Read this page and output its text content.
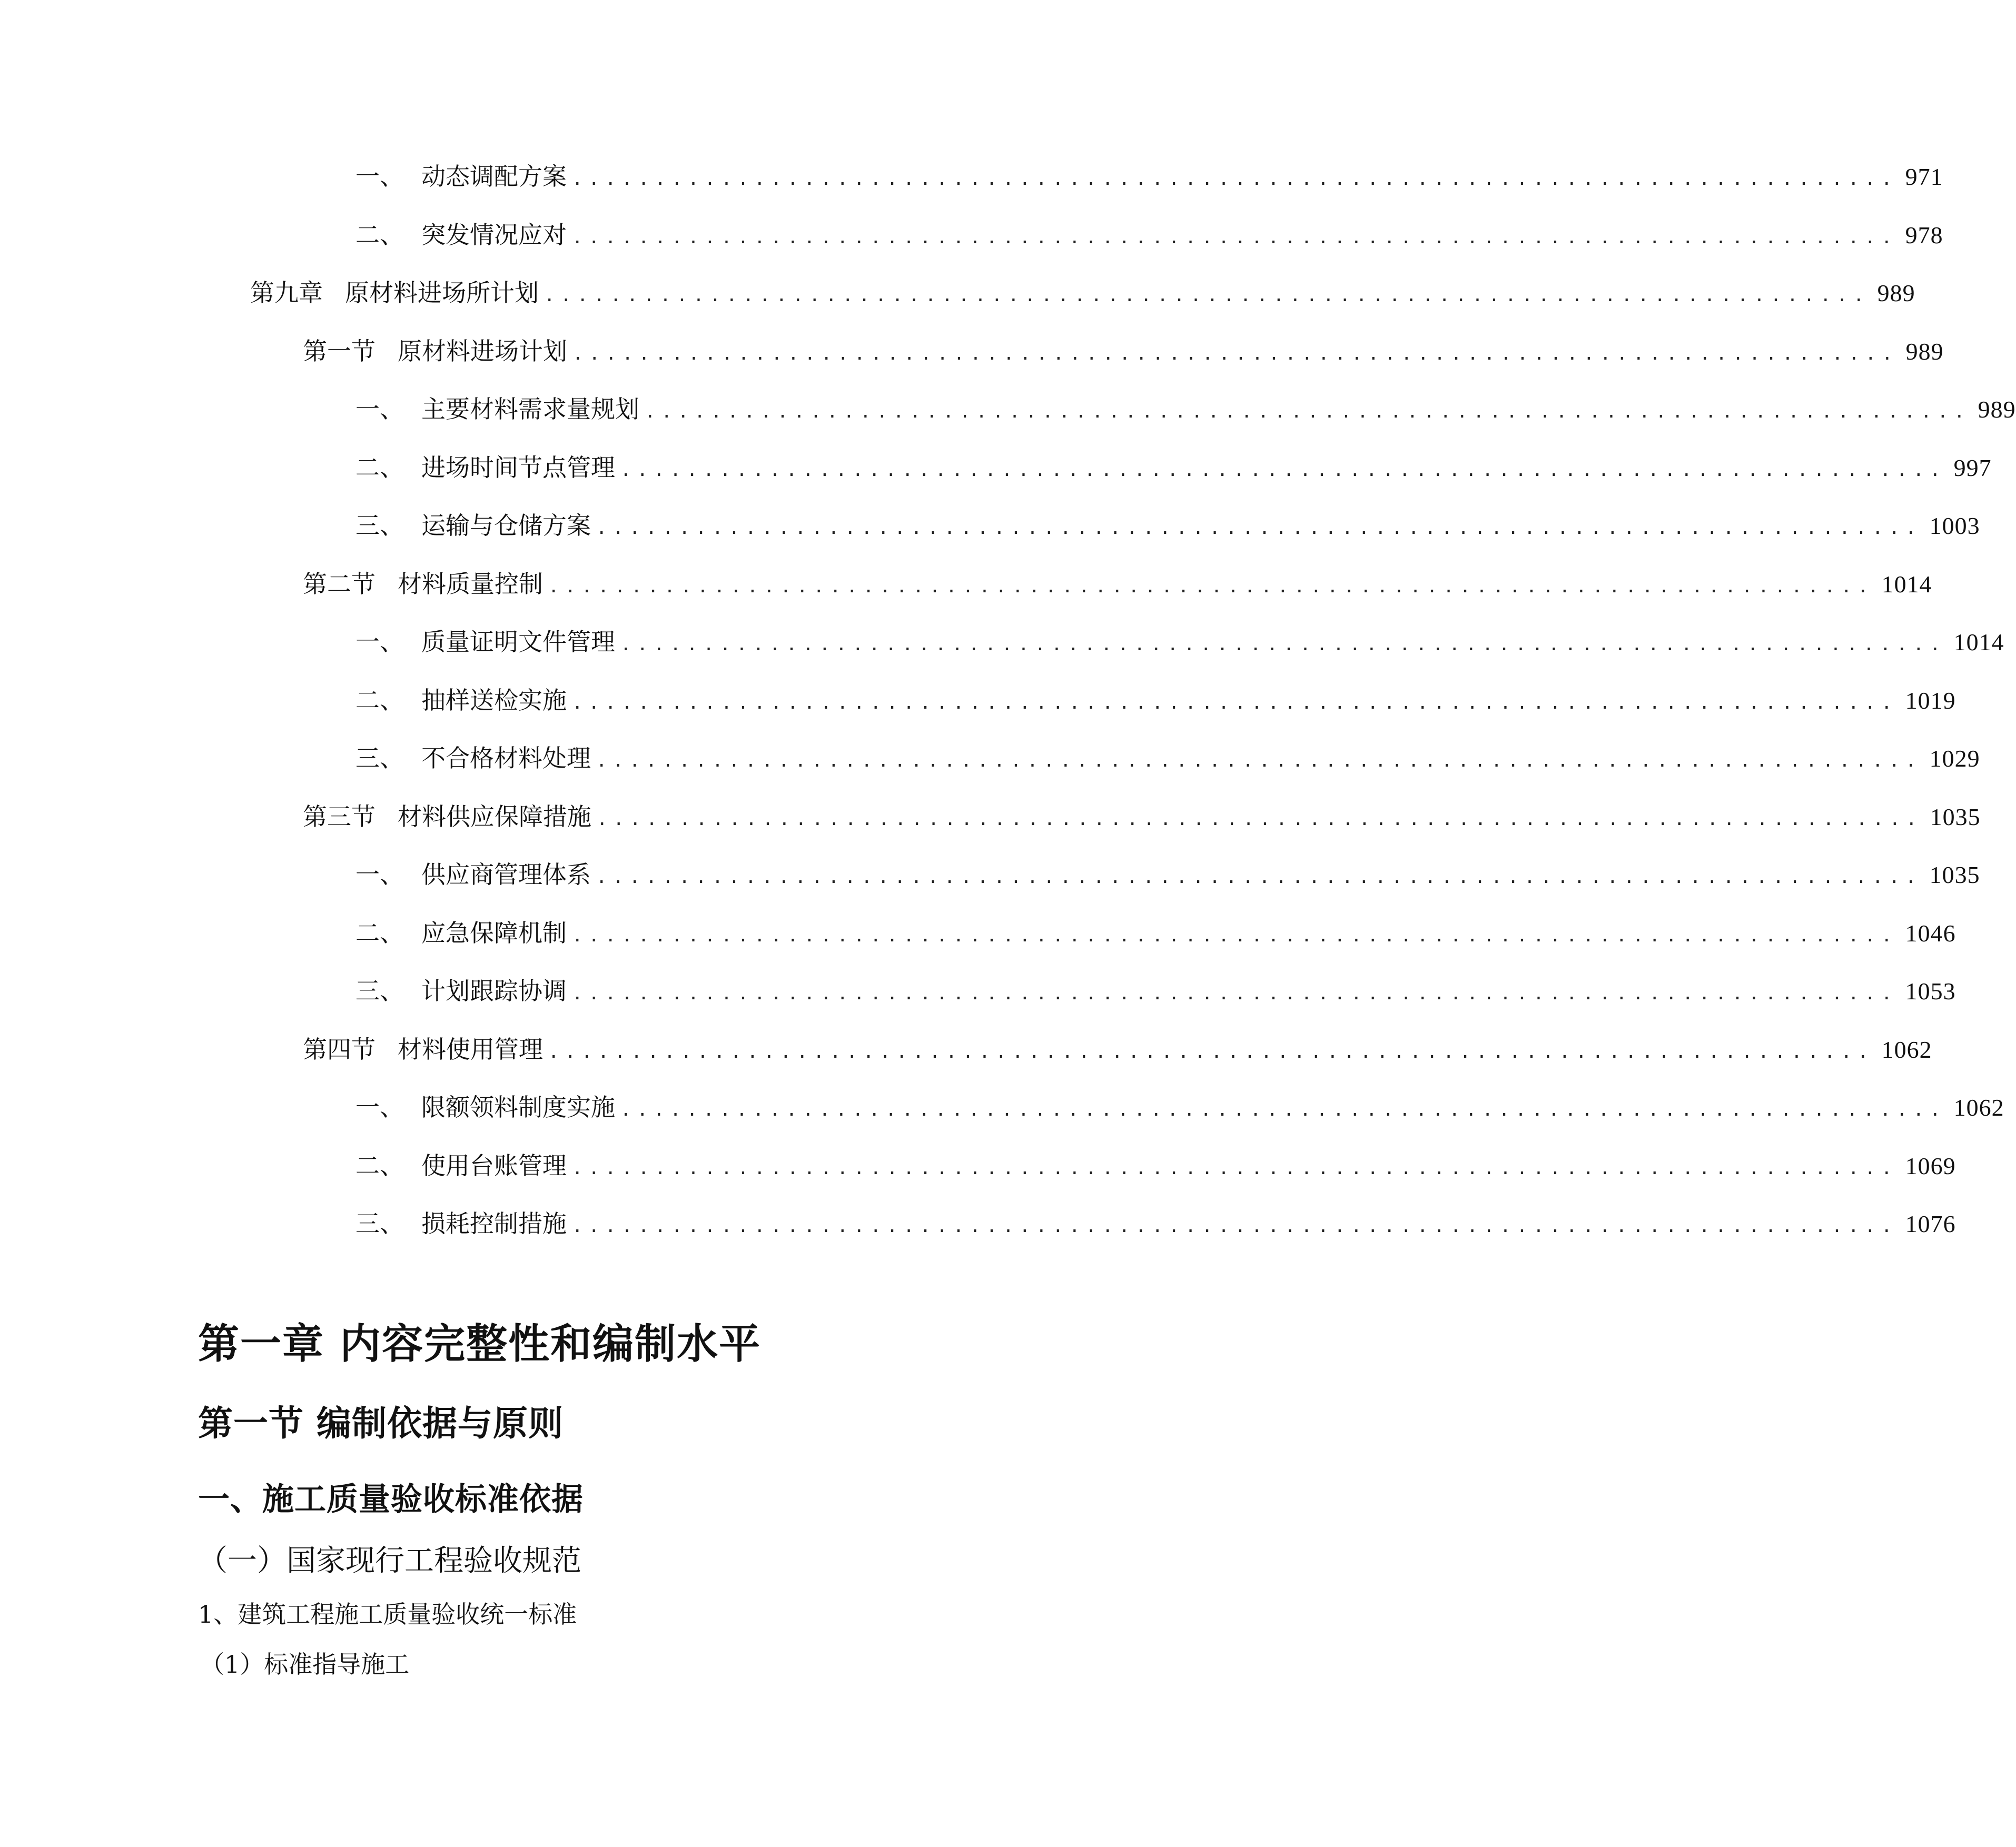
一、 动态调配方案 ................................................................................ 971
二、 突发情况应对 ................................................................................ 978
第九章 原材料进场所计划 ................................................................................ 989
第一节 原材料进场计划 ................................................................................ 989
一、 主要材料需求量规划 ................................................................................ 989
二、 进场时间节点管理 ................................................................................ 997
三、 运输与仓储方案 ................................................................................ 1003
第二节 材料质量控制 ................................................................................ 1014
一、 质量证明文件管理 ................................................................................ 1014
二、 抽样送检实施 ................................................................................ 1019
三、 不合格材料处理 ................................................................................ 1029
第三节 材料供应保障措施 ................................................................................ 1035
一、 供应商管理体系 ................................................................................ 1035
二、 应急保障机制 ................................................................................ 1046
三、 计划跟踪协调 ................................................................................ 1053
第四节 材料使用管理 ................................................................................ 1062
一、 限额领料制度实施 ................................................................................ 1062
二、 使用台账管理 ................................................................................ 1069
三、 损耗控制措施 ................................................................................ 1076
第一章 内容完整性和编制水平
第一节 编制依据与原则
一、施工质量验收标准依据
（一）国家现行工程验收规范
1、建筑工程施工质量验收统一标准
（1）标准指导施工
